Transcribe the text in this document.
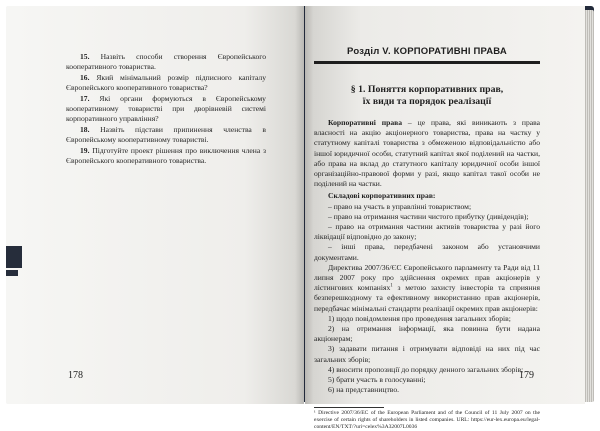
15. Назвіть способи створення Європейського кооперативного товариства.

16. Який мінімальний розмір підписного капіталу Європейського кооперативного товариства?

17. Які органи формуються в Європейському кооперативному товаристві при дворівневій системі корпоративного управління?

18. Назвіть підстави припинення членства в Європейському кооперативному товаристві.

19. Підготуйте проект рішення про виключення члена з Європейського кооперативного товариства.

178
Розділ V. КОРПОРАТИВНІ ПРАВА
§ 1. Поняття корпоративних прав,
їх види та порядок реалізації

Корпоративні права – це права, які виникають з права власності на акцію акціонерного товариства, права на частку у статутному капіталі товариства з обмеженою відповідальністю або іншої юридичної особи, статутний капітал якої поділений на частки, або права на вклад до статутного капіталу юридичної особи іншої організаційно-правової форми у разі, якщо капітал такої особи не поділений на частки.

Складові корпоративних прав:

– право на участь в управлінні товариством;

– право на отримання частини чистого прибутку (дивідендів);

– право на отримання частини активів товариства у разі його ліквідації відповідно до закону;

– інші права, передбачені законом або установчими документами.

Директива 2007/36/ЄС Європейського парламенту та Ради від 11 липня 2007 року про здійснення окремих прав акціонерів у лістингових компаніях$^1$ з метою захисту інвесторів та сприяння безперешкодному та ефективному використанню прав акціонерів, передбачає мінімальні стандарти реалізації окремих прав акціонерів:

1) щодо повідомлення про проведення загальних зборів;

2) на отримання інформації, яка повинна бути надана акціонерам;

3) задавати питання і отримувати відповіді на них під час загальних зборів;

4) вносити пропозиції до порядку денного загальних зборів;

5) брати участь в голосуванні;

6) на представництво.

¹ Directive 2007/36/EC of the European Parliament and of the Council of 11 July 2007 on the exercise of certain rights of shareholders in listed companies. URL: https://eur-lex.europa.eu/legal-content/EN/TXT/?uri=celex%3A32007L0036
179
